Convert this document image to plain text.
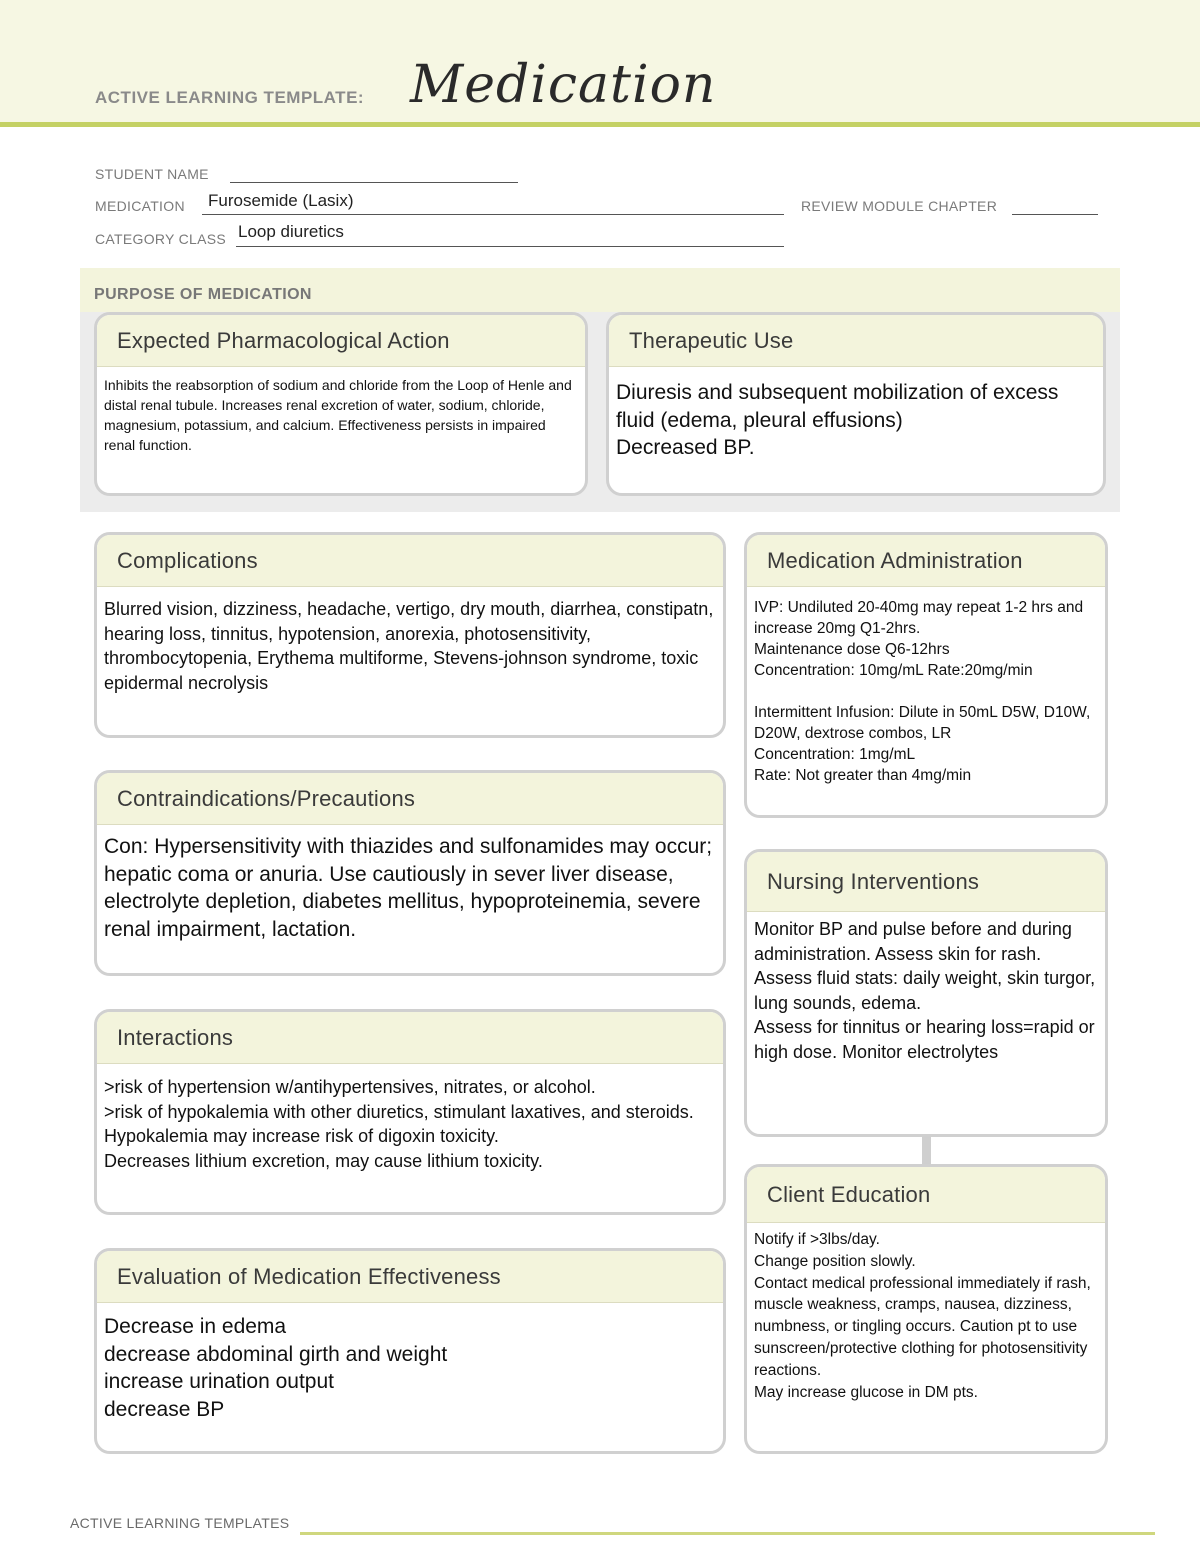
ACTIVE LEARNING TEMPLATE: Medication
STUDENT NAME
MEDICATION Furosemide (Lasix)	REVIEW MODULE CHAPTER
CATEGORY CLASS Loop diuretics
PURPOSE OF MEDICATION
Expected Pharmacological Action
Inhibits the reabsorption of sodium and chloride from the Loop of Henle and distal renal tubule. Increases renal excretion of water, sodium, chloride, magnesium, potassium, and calcium. Effectiveness persists in impaired renal function.
Therapeutic Use
Diuresis and subsequent mobilization of excess fluid (edema, pleural effusions)
Decreased BP.
Complications
Blurred vision, dizziness, headache, vertigo, dry mouth, diarrhea, constipatn, hearing loss, tinnitus, hypotension, anorexia, photosensitivity, thrombocytopenia, Erythema multiforme, Stevens-johnson syndrome, toxic epidermal necrolysis
Contraindications/Precautions
Con: Hypersensitivity with thiazides and sulfonamides may occur; hepatic coma or anuria. Use cautiously in sever liver disease, electrolyte depletion, diabetes mellitus, hypoproteinemia, severe renal impairment, lactation.
Interactions
>risk of hypertension w/antihypertensives, nitrates, or alcohol.
>risk of hypokalemia with other diuretics, stimulant laxatives, and steroids.
Hypokalemia may increase risk of digoxin toxicity.
Decreases lithium excretion, may cause lithium toxicity.
Evaluation of Medication Effectiveness
Decrease in edema
decrease abdominal girth and weight
increase urination output
decrease BP
Medication Administration
IVP: Undiluted 20-40mg may repeat 1-2 hrs and increase 20mg Q1-2hrs.
Maintenance dose Q6-12hrs
Concentration: 10mg/mL Rate:20mg/min
Intermittent Infusion: Dilute in 50mL D5W, D10W, D20W, dextrose combos, LR
Concentration: 1mg/mL
Rate: Not greater than 4mg/min
Nursing Interventions
Monitor BP and pulse before and during administration. Assess skin for rash. Assess fluid stats: daily weight, skin turgor, lung sounds, edema.
Assess for tinnitus or hearing loss=rapid or high dose. Monitor electrolytes
Client Education
Notify if >3lbs/day.
Change position slowly.
Contact medical professional immediately if rash, muscle weakness, cramps, nausea, dizziness, numbness, or tingling occurs. Caution pt to use sunscreen/protective clothing for photosensitivity reactions.
May increase glucose in DM pts.
ACTIVE LEARNING TEMPLATES
